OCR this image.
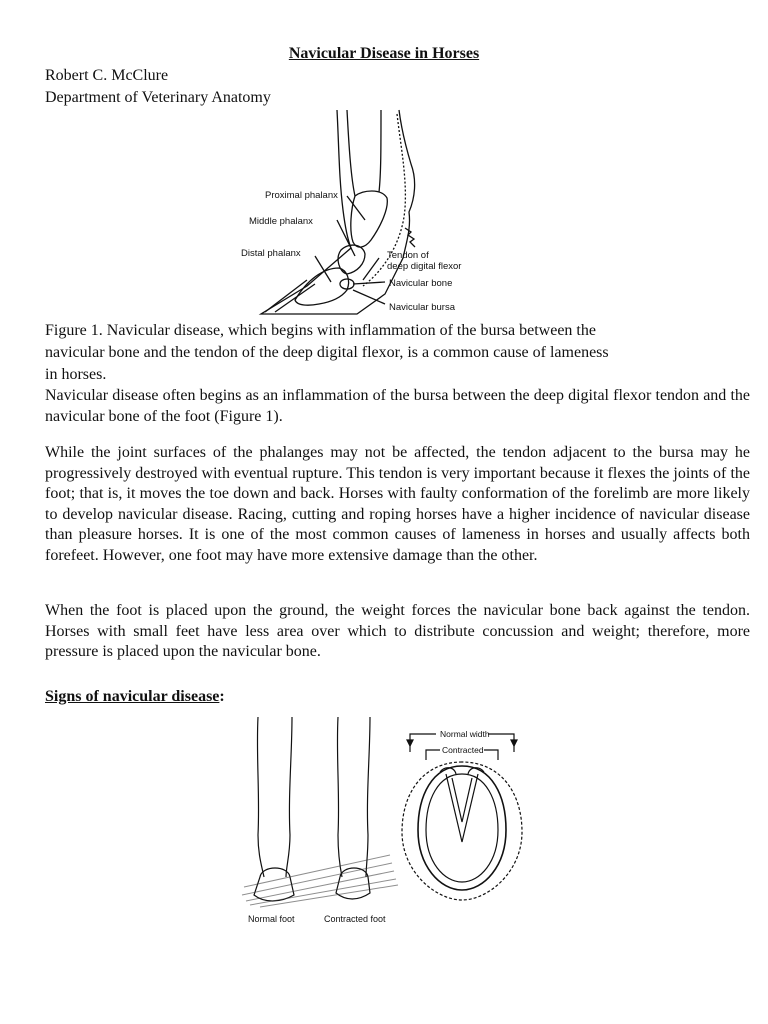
Navicular Disease in Horses
Robert C. McClure
Department of Veterinary Anatomy
Proximal phalanx
Middle phalanx
Distal phalanx	Tendon of
deep digital flexor
Navicular bone
Navicular bursa
Figure 1. Navicular disease, which begins with inflammation of the bursa between the
navicular bone and the tendon of the deep digital flexor, is a common cause of lameness
in horses.
Navicular disease often begins as an inflammation of the bursa between the deep digital flexor tendon and the navicular bone of the foot (Figure 1).
While the joint surfaces of the phalanges may not be affected, the tendon adjacent to the bursa may he progressively destroyed with eventual rupture. This tendon is very important because it flexes the joints of the foot; that is, it moves the toe down and back. Horses with faulty conformation of the forelimb are more likely to develop navicular disease. Racing, cutting and roping horses have a higher incidence of navicular disease than pleasure horses. It is one of the most common causes of lameness in horses and usually affects both forefeet. However, one foot may have more extensive damage than the other.
When the foot is placed upon the ground, the weight forces the navicular bone back against the tendon. Horses with small feet have less area over which to distribute concussion and weight; therefore, more pressure is placed upon the navicular bone.
Signs of navicular disease:
Normal foot	Contracted foot
Normal width
Contracted
